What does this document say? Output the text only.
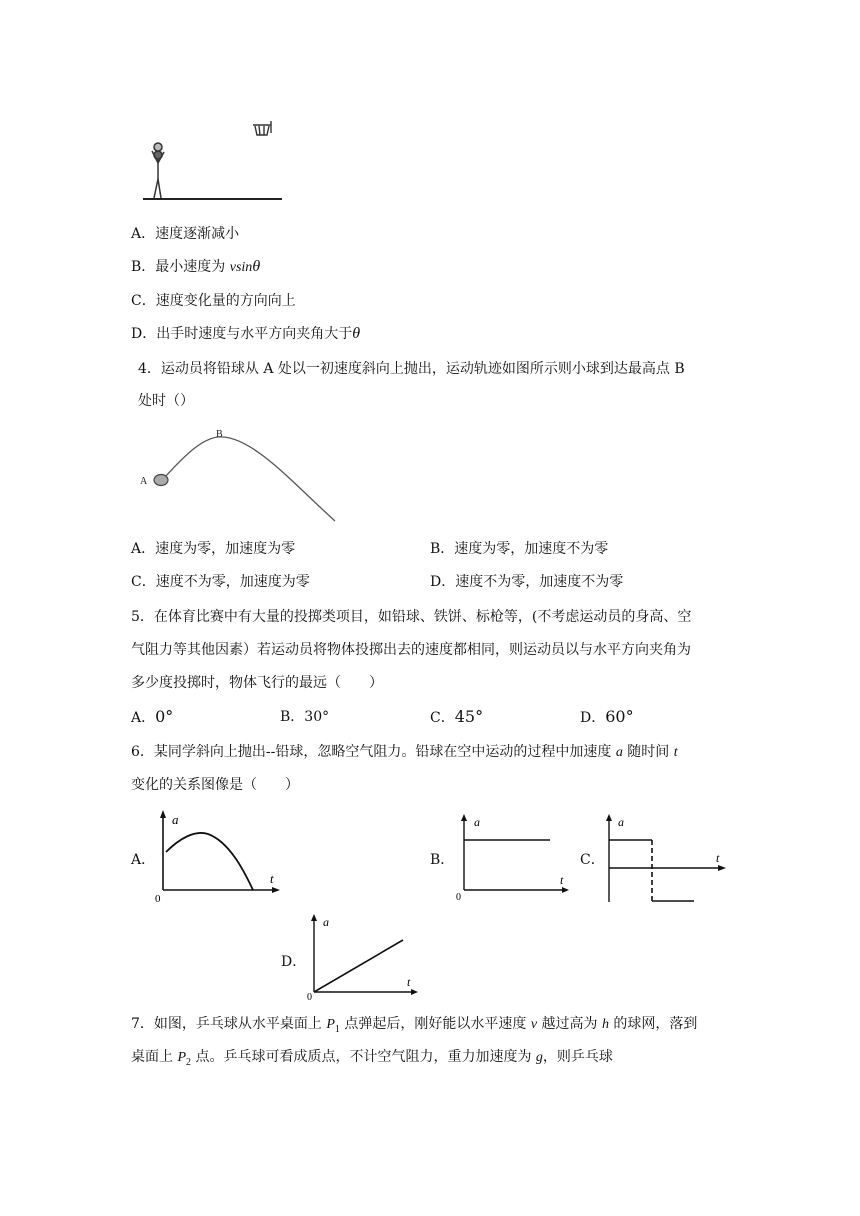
A．速度逐渐减小
B．最小速度为 vsinθ
C．速度变化量的方向向上
D．出手时速度与水平方向夹角大于θ
4．运动员将铅球从 A 处以一初速度斜向上抛出，运动轨迹如图所示则小球到达最高点 B
处时（）
A
B
A．速度为零，加速度为零	B．速度为零，加速度不为零
C．速度不为零，加速度为零	D．速度不为零，加速度不为零
5．在体育比赛中有大量的投掷类项目，如铅球、铁饼、标枪等，(不考虑运动员的身高、空
气阻力等其他因素）若运动员将物体投掷出去的速度都相同，则运动员以与水平方向夹角为
多少度投掷时，物体飞行的最远（　　）
A．0°	B．30°	C．45°	D．60°
6．某同学斜向上抛出--铅球，忽略空气阻力。铅球在空中运动的过程中加速度 a 随时间 t
变化的关系图像是（　　）
A．
a
t
0
B．
a
t
0
C．
a
t
D．
a
t
0
7．如图，乒乓球从水平桌面上 $P_1$ 点弹起后，刚好能以水平速度 v 越过高为 h 的球网，落到
桌面上 $P_2$ 点。乒乓球可看成质点，不计空气阻力，重力加速度为 g，则乒乓球
